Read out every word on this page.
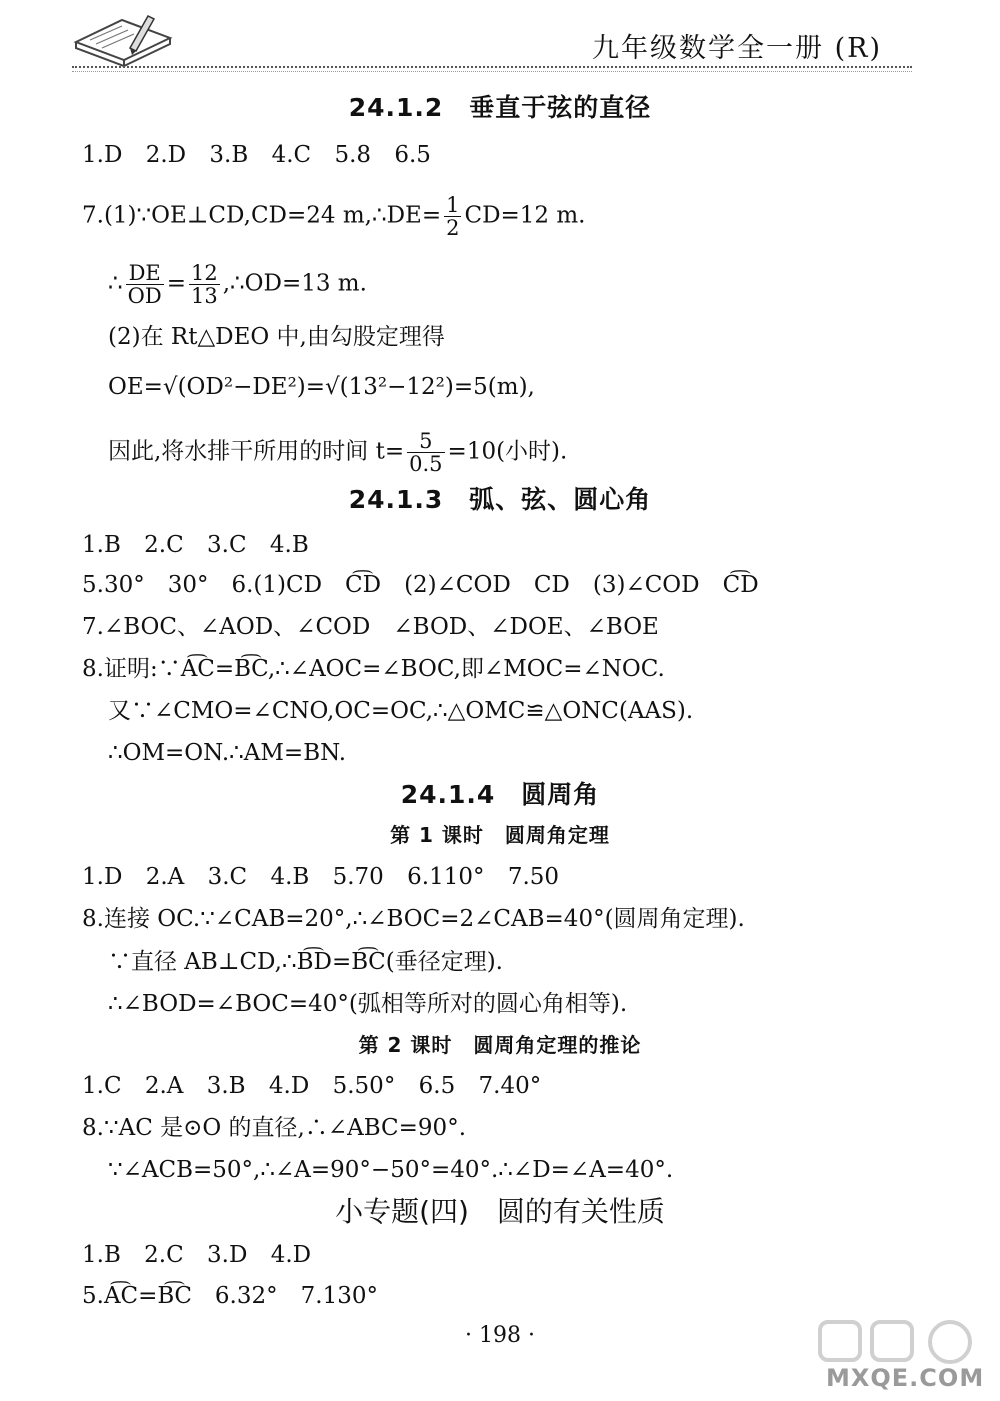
九年级数学全一册 (R)
24.1.2　垂直于弦的直径
1.D 2.D 3.B 4.C 5.8 6.5
7.(1)∵OE⊥CD,CD=24 m,∴DE= $\frac{1}{2} CD=12$ m.
∴ $\frac{DE}{OD} = \frac{12}{13}$ ,∴OD=13 m.
(2)在 Rt△DEO 中,由勾股定理得
OE=√(OD²−DE²)=√(13²−12²)=5(m),
因此,将水排干所用的时间 $t= \frac{5}{0.5} =10$(小时).
24.1.3　弧、弦、圆心角
1.B 2.C 3.C 4.B
5.30°　30°　6.(1)CD　C͡D　(2)∠COD　CD　(3)∠COD　C͡D
7.∠BOC、∠AOD、∠COD　∠BOD、∠DOE、∠BOE
8.证明:∵A͡C=B͡C,∴∠AOC=∠BOC,即∠MOC=∠NOC.
又∵∠CMO=∠CNO,OC=OC,∴△OMC≌△ONC(AAS).
∴OM=ON.∴AM=BN.
24.1.4　圆周角
第 1 课时　圆周角定理
1.D 2.A 3.C 4.B 5.70 6.110° 7.50
8.连接 OC.∵∠CAB=20°,∴∠BOC=2∠CAB=40°(圆周角定理).
∵直径 AB⊥CD,∴B͡D=B͡C(垂径定理).
∴∠BOD=∠BOC=40°(弧相等所对的圆心角相等).
第 2 课时　圆周角定理的推论
1.C 2.A 3.B 4.D 5.50° 6.5 7.40°
8.∵AC 是⊙O 的直径,∴∠ABC=90°.
∵∠ACB=50°,∴∠A=90°−50°=40°.∴∠D=∠A=40°.
小专题(四)　圆的有关性质
1.B 2.C 3.D 4.D
5.A͡C=B͡C　6.32°　7.130°
· 198 ·
MXQE.COM
